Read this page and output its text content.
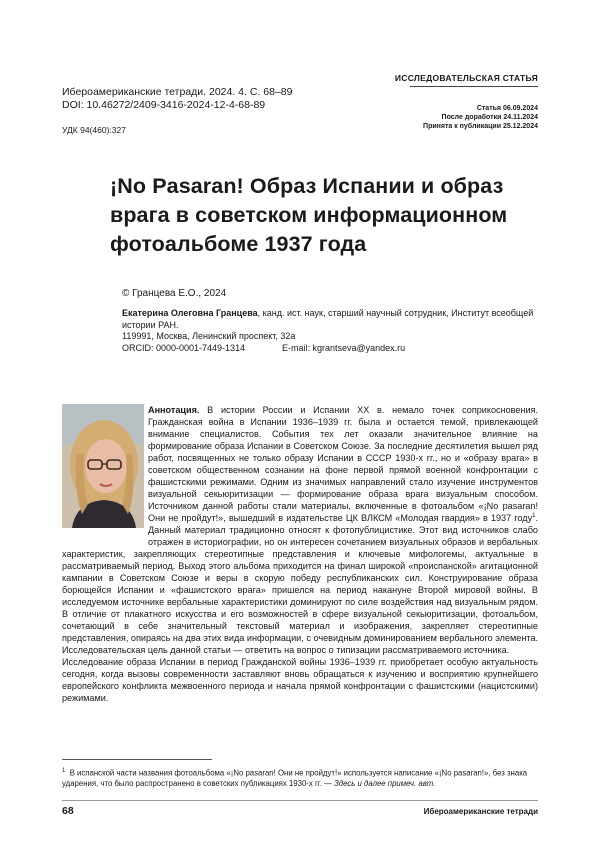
Ибероамериканские тетради. 2024. 4. С. 68–89
DOI: 10.46272/2409-3416-2024-12-4-68-89
ИССЛЕДОВАТЕЛЬСКАЯ СТАТЬЯ
Статья 06.09.2024
После доработки 24.11.2024
Принята к публикации 25.12.2024
УДК 94(460):327
¡No Pasaran! Образ Испании и образ врага в советском информационном фотоальбоме 1937 года
© Гранцева Е.О., 2024
Екатерина Олеговна Гранцева, канд. ист. наук, старший научный сотрудник, Институт всеобщей истории РАН.
119991, Москва, Ленинский проспект, 32а
ORCID: 0000-0001-7449-1314	E-mail: kgrantseva@yandex.ru

Аннотация. В истории России и Испании XX в. немало точек соприкосновения. Гражданская война в Испании 1936–1939 гг. была и остается темой, привлекающей внимание специалистов. События тех лет оказали значительное влияние на формирование образа Испании в Советском Союзе. За последние десятилетия вышел ряд работ, посвященных не только образу Испании в СССР 1930-х гг., но и «образу врага» в советском общественном сознании на фоне первой прямой военной конфронтации с фашистскими режимами. Одним из значимых направлений стало изучение инструментов визуальной секьюритизации — формирование образа врага визуальным способом. Источником данной работы стали материалы, включенные в фотоальбом «¡No pasaran! Они не пройдут!», вышедший в издательстве ЦК ВЛКСМ «Молодая гвардия» в 1937 году$^1$. Данный материал традиционно относят к фотопублицистике. Этот вид источников слабо отражен в историографии, но он интересен сочетанием визуальных образов и вербальных характеристик, закрепляющих стереотипные представления и ключевые мифологемы, актуальные в рассматриваемый период. Выход этого альбома приходится на финал широкой «происпанской» агитационной кампании в Советском Союзе и веры в скорую победу республиканских сил. Конструирование образа борющейся Испании и «фашистского врага» пришелся на период накануне Второй мировой войны. В исследуемом источнике вербальные характеристики доминируют по силе воздействия над визуальным рядом. В отличие от плакатного искусства и его возможностей в сфере визуальной секьюритизации, фотоальбом, сочетающий в себе значительный текстовый материал и изображения, закрепляет стереотипные представления, опираясь на два этих вида информации, с очевидным доминированием вербального элемента. Исследовательская цель данной статьи — ответить на вопрос о типизации рассматриваемого источника.

Исследование образа Испании в период Гражданской войны 1936–1939 гг. приобретает особую актуальность сегодня, когда вызовы современности заставляют вновь обращаться к изучению и восприятию крупнейшего европейского конфликта межвоенного периода и начала прямой конфронтации с фашистскими (нацистскими) режимами.

$^1$ В испанской части названия фотоальбома «¡No pasaran! Они не пройдут!» используется написание «¡No pasaran!», без знака ударения, что было распространено в советских публикациях 1930-х гг. — Здесь и далее примеч. авт.
68	Ибероамериканские тетради
